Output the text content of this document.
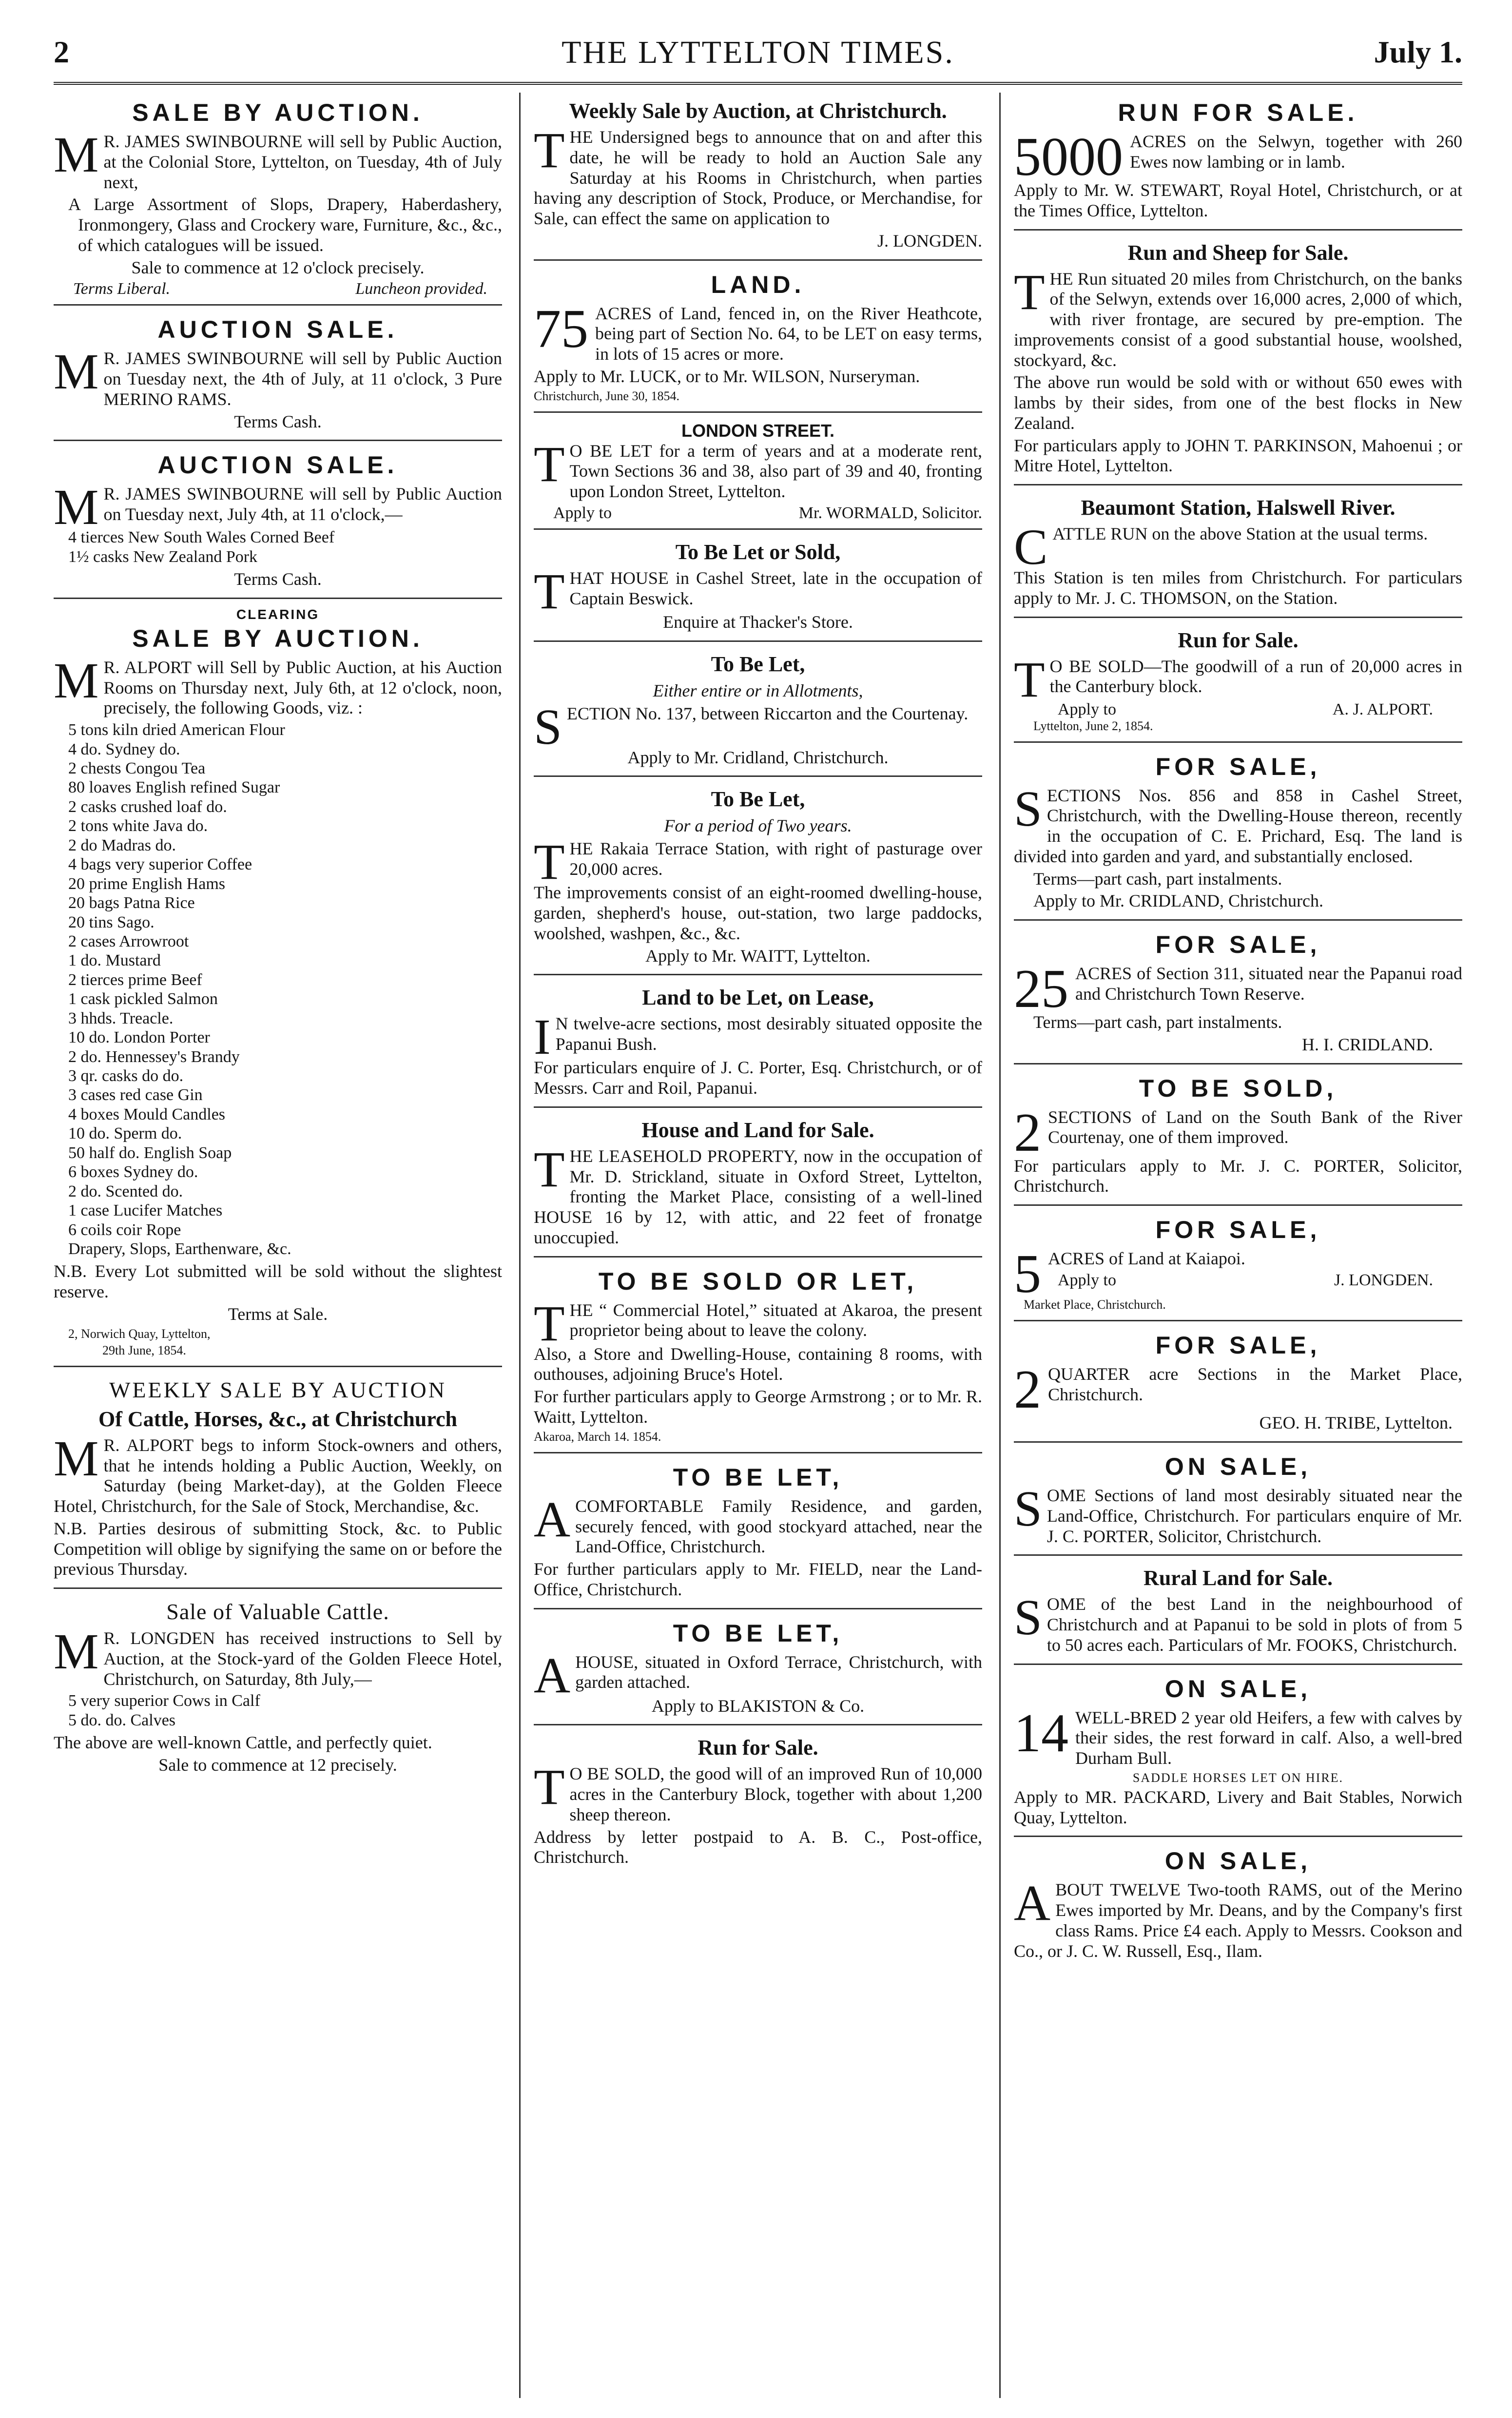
2	THE LYTTELTON TIMES.	July 1.
SALE BY AUCTION.

M R. JAMES SWINBOURNE will sell by Public Auction, at the Colonial Store, Lyttelton, on Tuesday, 4th of July next,

A Large Assortment of Slops, Drapery, Haberdashery, Ironmongery, Glass and Crockery ware, Furniture, &c., &c., of which catalogues will be issued.

Sale to commence at 12 o'clock precisely.

Terms Liberal.	Luncheon provided.
AUCTION SALE.

M R. JAMES SWINBOURNE will sell by Public Auction on Tuesday next, the 4th of July, at 11 o'clock, 3 Pure MERINO RAMS.

Terms Cash.

AUCTION SALE.

M R. JAMES SWINBOURNE will sell by Public Auction on Tuesday next, July 4th, at 11 o'clock,—

4 tierces New South Wales Corned Beef
1½ casks New Zealand Pork

Terms Cash.

CLEARING
SALE BY AUCTION.

M R. ALPORT will Sell by Public Auction, at his Auction Rooms on Thursday next, July 6th, at 12 o'clock, noon, precisely, the following Goods, viz. :

5 tons kiln dried American Flour
4 do. Sydney do.
2 chests Congou Tea
80 loaves English refined Sugar
2 casks crushed loaf do.
2 tons white Java do.
2 do Madras do.
4 bags very superior Coffee
20 prime English Hams
20 bags Patna Rice
20 tins Sago.
2 cases Arrowroot
1 do. Mustard
2 tierces prime Beef
1 cask pickled Salmon
3 hhds. Treacle.
10 do. London Porter
2 do. Hennessey's Brandy
3 qr. casks do do.
3 cases red case Gin
4 boxes Mould Candles
10 do. Sperm do.
50 half do. English Soap
6 boxes Sydney do.
2 do. Scented do.
1 case Lucifer Matches
6 coils coir Rope
Drapery, Slops, Earthenware, &c.

N.B. Every Lot submitted will be sold without the slightest reserve.

Terms at Sale.

2, Norwich Quay, Lyttelton,

29th June, 1854.

WEEKLY SALE BY AUCTION
Of Cattle, Horses, &c., at Christchurch

M R. ALPORT begs to inform Stock-owners and others, that he intends holding a Public Auction, Weekly, on Saturday (being Market-day), at the Golden Fleece Hotel, Christchurch, for the Sale of Stock, Merchandise, &c.

N.B. Parties desirous of submitting Stock, &c. to Public Competition will oblige by signifying the same on or before the previous Thursday.

Sale of Valuable Cattle.

M R. LONGDEN has received instructions to Sell by Auction, at the Stock-yard of the Golden Fleece Hotel, Christchurch, on Saturday, 8th July,—

5 very superior Cows in Calf
5 do. do. Calves

The above are well-known Cattle, and perfectly quiet.

Sale to commence at 12 precisely.

Weekly Sale by Auction, at Christchurch.

THE Undersigned begs to announce that on and after this date, he will be ready to hold an Auction Sale any Saturday at his Rooms in Christchurch, when parties having any description of Stock, Produce, or Merchandise, for Sale, can effect the same on application to

J. LONGDEN.

LAND.

75 ACRES of Land, fenced in, on the River Heathcote, being part of Section No. 64, to be LET on easy terms, in lots of 15 acres or more.

Apply to Mr. LUCK, or to Mr. WILSON, Nurseryman.

Christchurch, June 30, 1854.

LONDON STREET.

T O BE LET for a term of years and at a moderate rent, Town Sections 36 and 38, also part of 39 and 40, fronting upon London Street, Lyttelton.

Apply to	Mr. WORMALD, Solicitor.
To Be Let or Sold,

THAT HOUSE in Cashel Street, late in the occupation of Captain Beswick.

Enquire at Thacker's Store.

To Be Let,
Either entire or in Allotments,

SECTION No. 137, between Riccarton and the Courtenay.

Apply to Mr. Cridland, Christchurch.

To Be Let,
For a period of Two years.

THE Rakaia Terrace Station, with right of pasturage over 20,000 acres.

The improvements consist of an eight-roomed dwelling-house, garden, shepherd's house, out-station, two large paddocks, woolshed, washpen, &c., &c.

Apply to Mr. WAITT, Lyttelton.

Land to be Let, on Lease,

I N twelve-acre sections, most desirably situated opposite the Papanui Bush.

For particulars enquire of J. C. Porter, Esq. Christchurch, or of Messrs. Carr and Roil, Papanui.

House and Land for Sale.

THE LEASEHOLD PROPERTY, now in the occupation of Mr. D. Strickland, situate in Oxford Street, Lyttelton, fronting the Market Place, consisting of a well-lined HOUSE 16 by 12, with attic, and 22 feet of fronatge unoccupied.

TO BE SOLD OR LET,

THE “ Commercial Hotel,” situated at Akaroa, the present proprietor being about to leave the colony.

Also, a Store and Dwelling-House, containing 8 rooms, with outhouses, adjoining Bruce's Hotel.

For further particulars apply to George Armstrong ; or to Mr. R. Waitt, Lyttelton.

Akaroa, March 14. 1854.

TO BE LET,

ACOMFORTABLE Family Residence, and garden, securely fenced, with good stockyard attached, near the Land-Office, Christchurch.

For further particulars apply to Mr. FIELD, near the Land-Office, Christchurch.

TO BE LET,

AHOUSE, situated in Oxford Terrace, Christchurch, with garden attached.

Apply to BLAKISTON & Co.

Run for Sale.

T O BE SOLD, the good will of an improved Run of 10,000 acres in the Canterbury Block, together with about 1,200 sheep thereon.

Address by letter postpaid to A. B. C., Post-office, Christchurch.

RUN FOR SALE.

5000 ACRES on the Selwyn, together with 260 Ewes now lambing or in lamb.

Apply to Mr. W. STEWART, Royal Hotel, Christchurch, or at the Times Office, Lyttelton.

Run and Sheep for Sale.

THE Run situated 20 miles from Christchurch, on the banks of the Selwyn, extends over 16,000 acres, 2,000 of which, with river frontage, are secured by pre-emption. The improvements consist of a good substantial house, woolshed, stockyard, &c.

The above run would be sold with or without 650 ewes with lambs by their sides, from one of the best flocks in New Zealand.

For particulars apply to JOHN T. PARKINSON, Mahoenui ; or Mitre Hotel, Lyttelton.

Beaumont Station, Halswell River.

CATTLE RUN on the above Station at the usual terms.

This Station is ten miles from Christchurch. For particulars apply to Mr. J. C. THOMSON, on the Station.

Run for Sale.

T O BE SOLD—The goodwill of a run of 20,000 acres in the Canterbury block.

Apply to	A. J. ALPORT.

Lyttelton, June 2, 1854.

FOR SALE,

SECTIONS Nos. 856 and 858 in Cashel Street, Christchurch, with the Dwelling-House thereon, recently in the occupation of C. E. Prichard, Esq. The land is divided into garden and yard, and substantially enclosed.

Terms—part cash, part instalments.

Apply to Mr. CRIDLAND, Christchurch.

FOR SALE,

25 ACRES of Section 311, situated near the Papanui road and Christchurch Town Reserve.

Terms—part cash, part instalments.

H. I. CRIDLAND.

TO BE SOLD,

2 SECTIONS of Land on the South Bank of the River Courtenay, one of them improved.

For particulars apply to Mr. J. C. PORTER, Solicitor, Christchurch.

FOR SALE,

5 ACRES of Land at Kaiapoi.

Apply to	J. LONGDEN.

Market Place, Christchurch.

FOR SALE,

2 QUARTER acre Sections in the Market Place, Christchurch.

GEO. H. TRIBE, Lyttelton.

ON SALE,

SOME Sections of land most desirably situated near the Land-Office, Christchurch. For particulars enquire of Mr. J. C. PORTER, Solicitor, Christchurch.

Rural Land for Sale.

SOME of the best Land in the neighbourhood of Christchurch and at Papanui to be sold in plots of from 5 to 50 acres each. Particulars of Mr. FOOKS, Christchurch.

ON SALE,

14 WELL-BRED 2 year old Heifers, a few with calves by their sides, the rest forward in calf. Also, a well-bred Durham Bull.

SADDLE HORSES LET ON HIRE.

Apply to MR. PACKARD, Livery and Bait Stables, Norwich Quay, Lyttelton.

ON SALE,

ABOUT TWELVE Two-tooth RAMS, out of the Merino Ewes imported by Mr. Deans, and by the Company's first class Rams. Price £4 each. Apply to Messrs. Cookson and Co., or J. C. W. Russell, Esq., Ilam.
